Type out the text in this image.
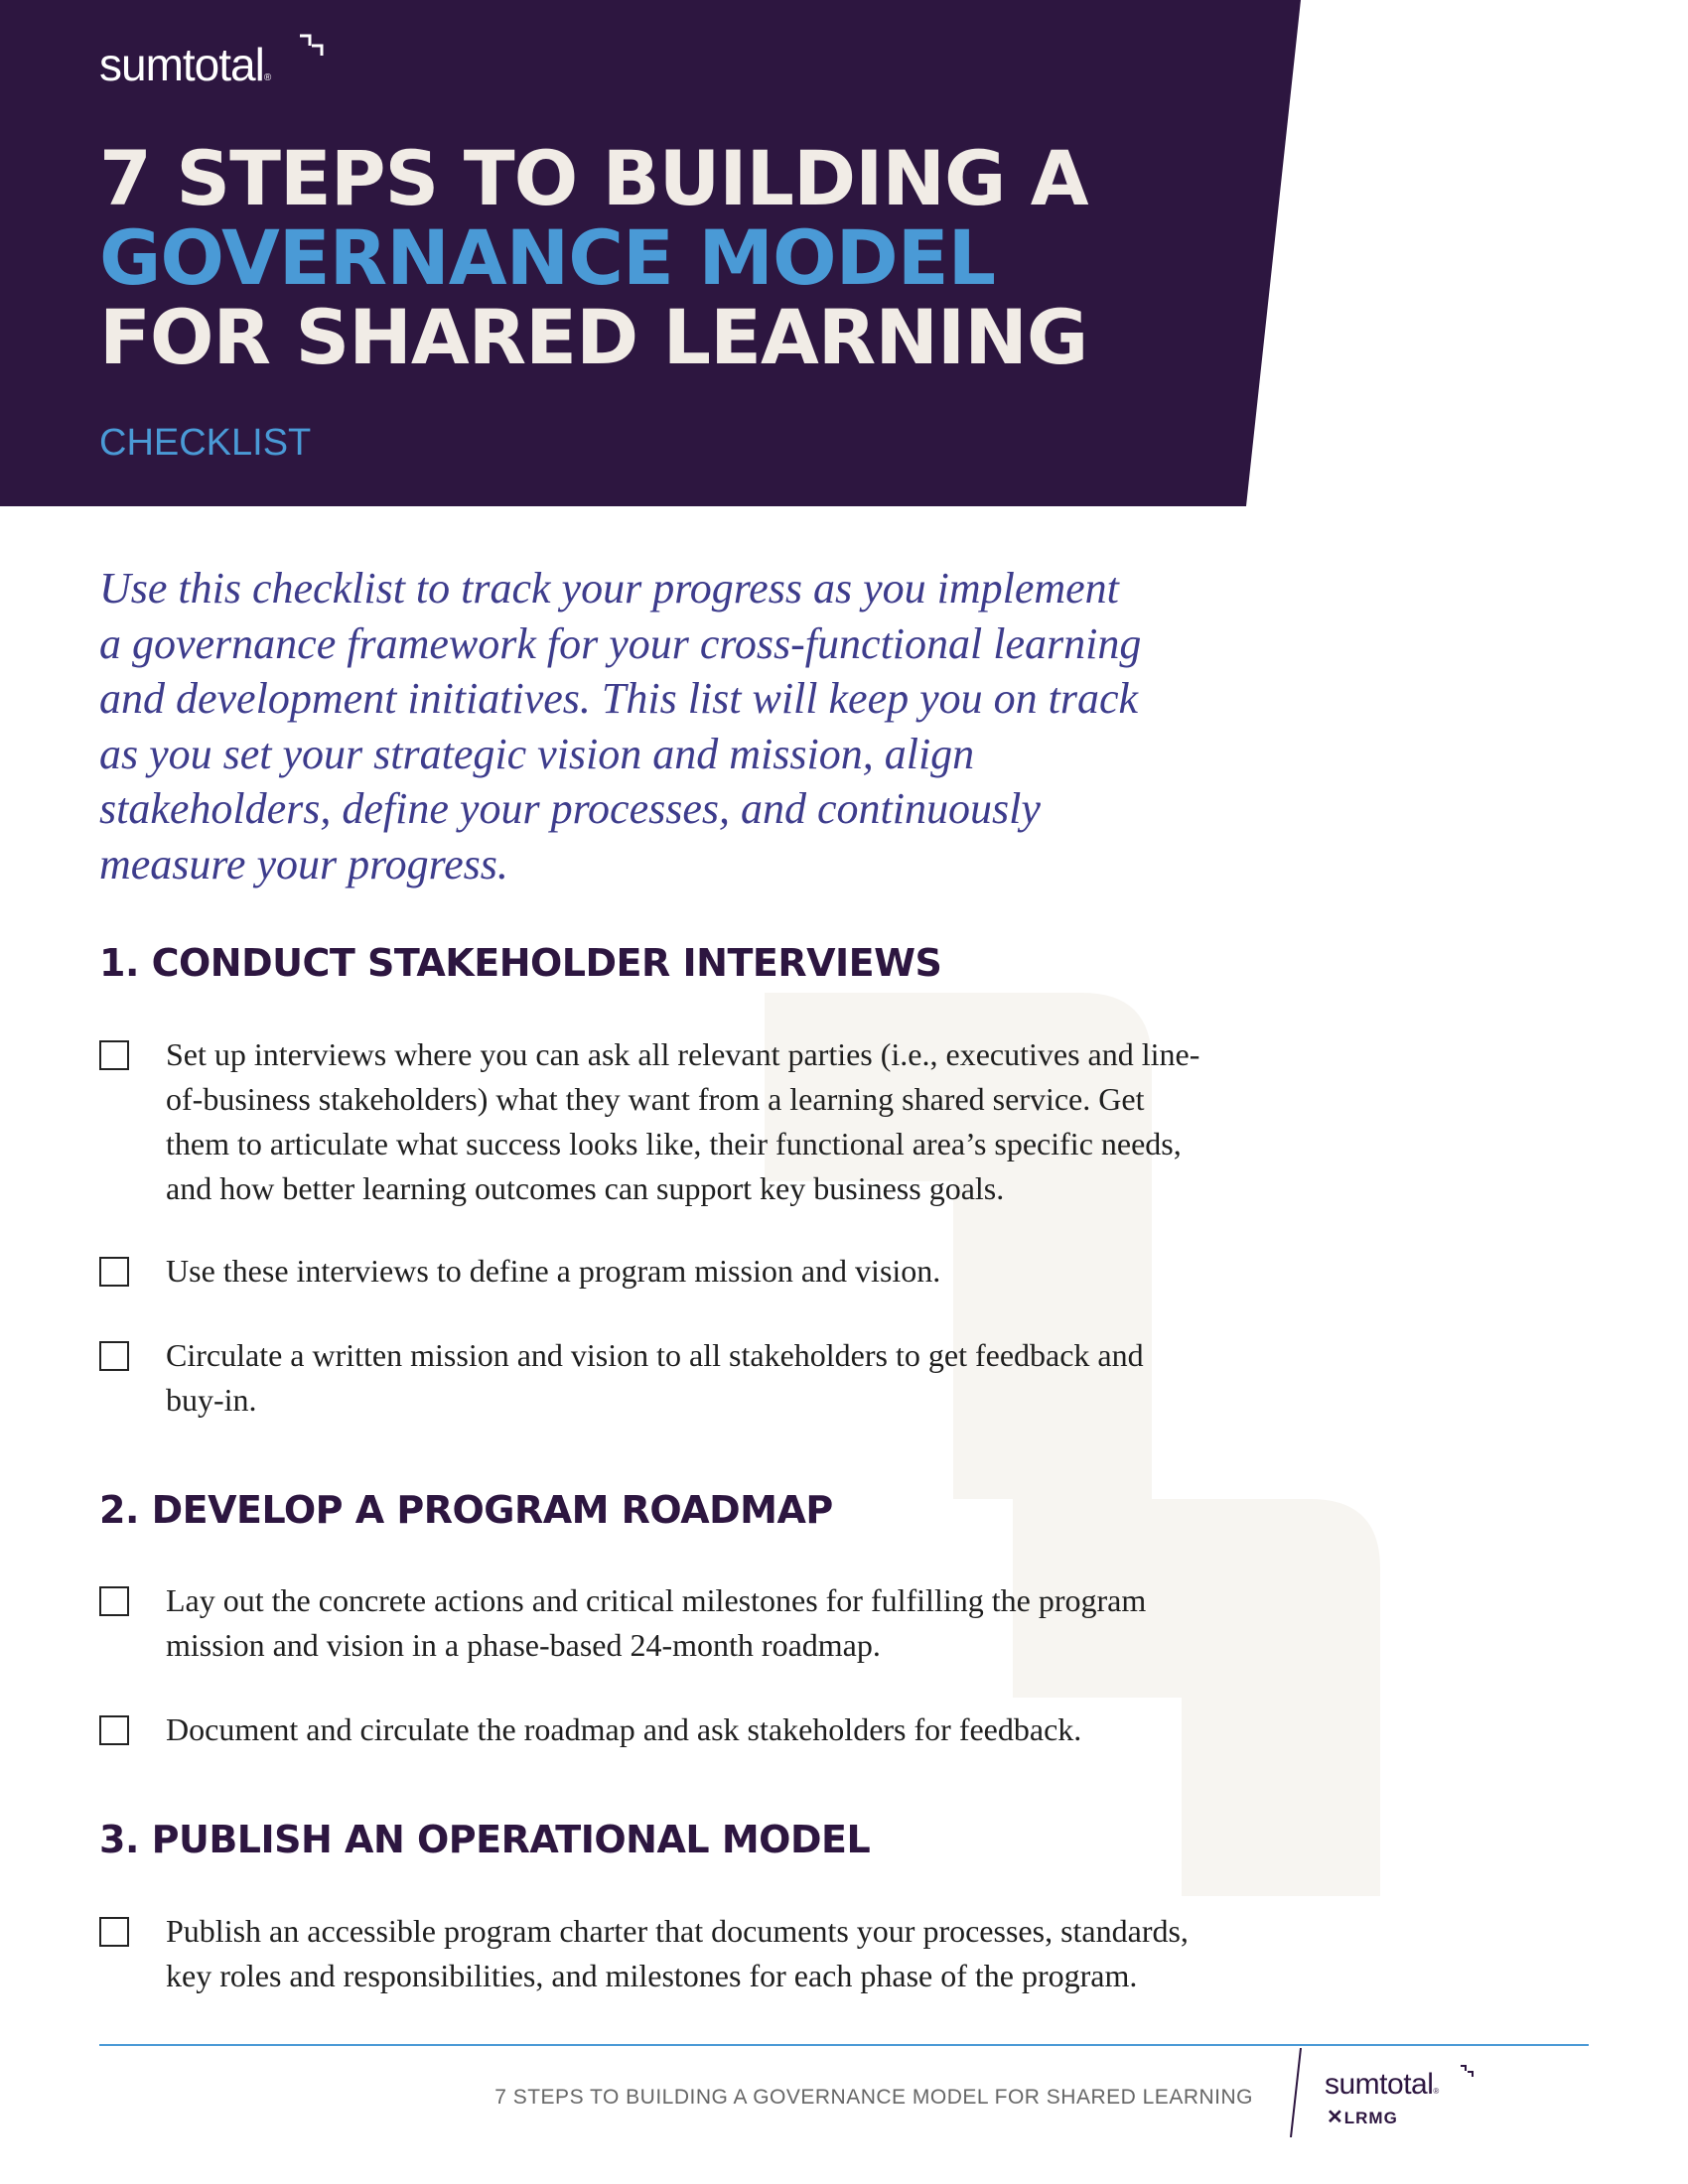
sumtotal®
7 STEPS TO BUILDING A
GOVERNANCE MODEL
FOR SHARED LEARNING
CHECKLIST

Use this checklist to track your progress as you implement
a governance framework for your cross-functional learning
and development initiatives. This list will keep you on track
as you set your strategic vision and mission, align
stakeholders, define your processes, and continuously
measure your progress.

1. CONDUCT STAKEHOLDER INTERVIEWS

Set up interviews where you can ask all relevant parties (i.e., executives and line-
of-business stakeholders) what they want from a learning shared service. Get
them to articulate what success looks like, their functional area’s specific needs,
and how better learning outcomes can support key business goals.

Use these interviews to define a program mission and vision.

Circulate a written mission and vision to all stakeholders to get feedback and
buy-in.

2. DEVELOP A PROGRAM ROADMAP

Lay out the concrete actions and critical milestones for fulfilling the program
mission and vision in a phase-based 24-month roadmap.

Document and circulate the roadmap and ask stakeholders for feedback.

3. PUBLISH AN OPERATIONAL MODEL

Publish an accessible program charter that documents your processes, standards,
key roles and responsibilities, and milestones for each phase of the program.

7 STEPS TO BUILDING A GOVERNANCE MODEL FOR SHARED LEARNING sumtotal®
✕LRMG
